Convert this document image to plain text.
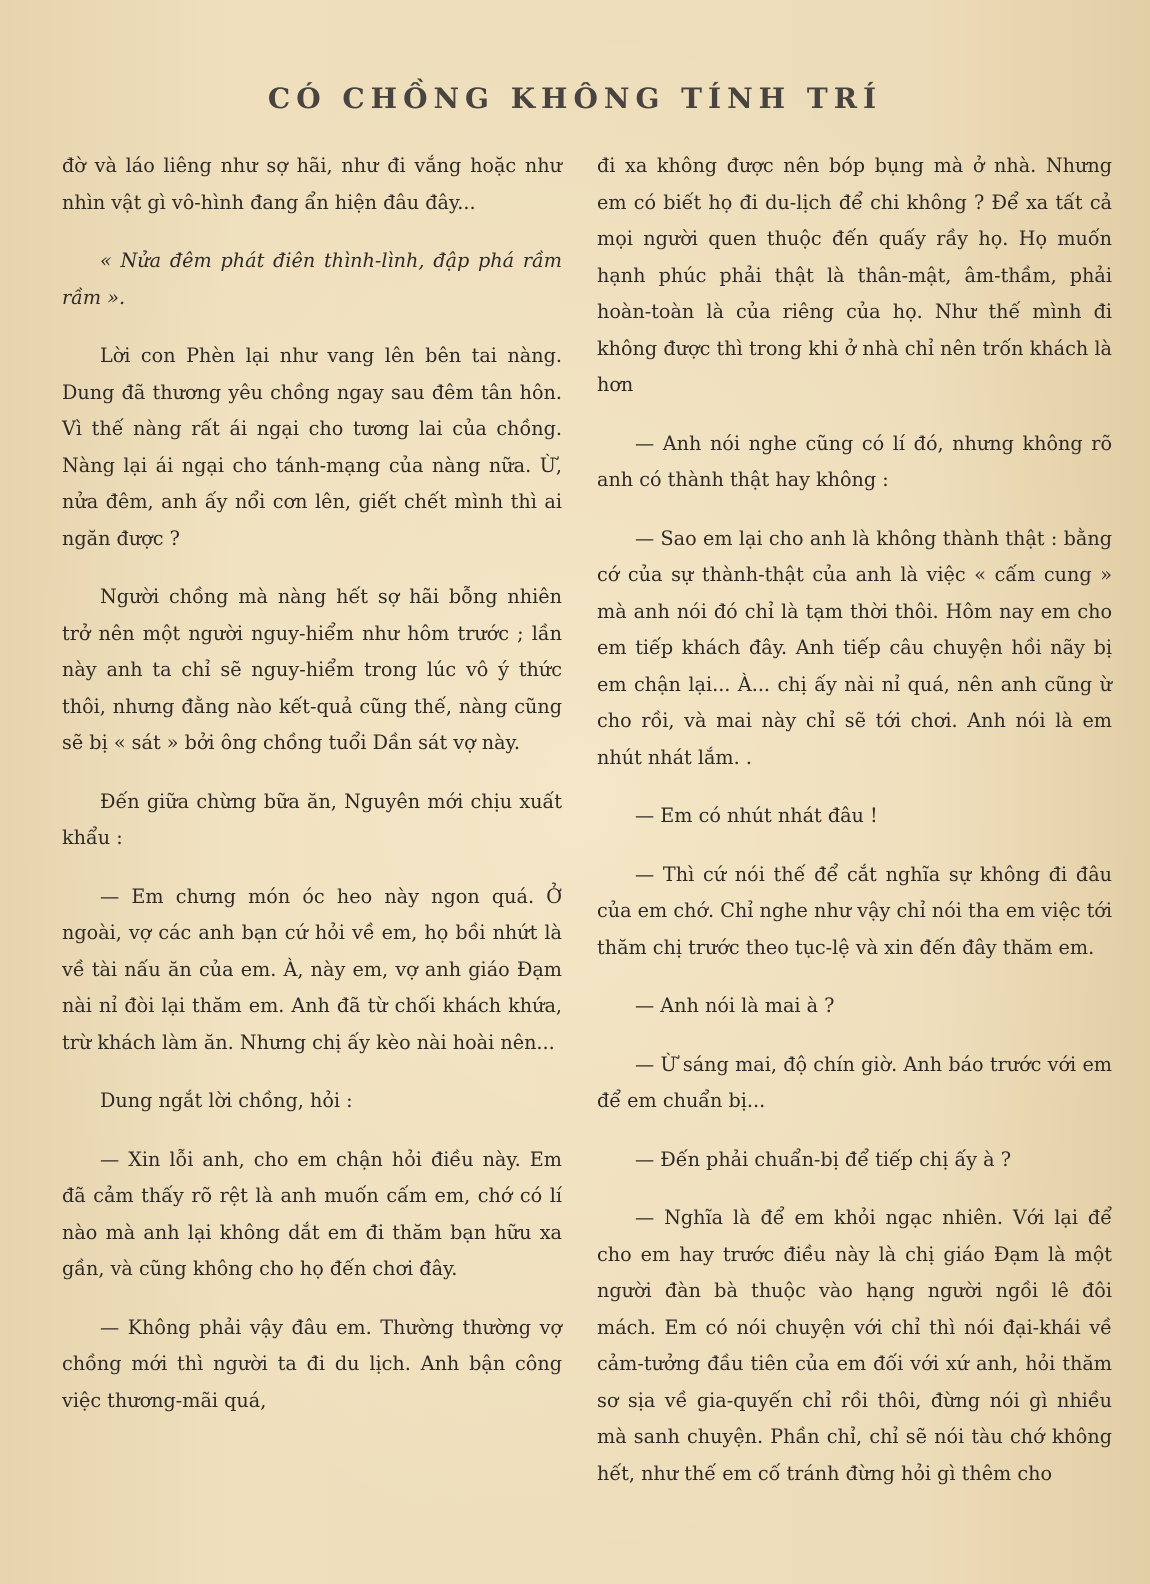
CÓ CHỒNG KHÔNG TÍNH TRÍ

đờ và láo liêng như sợ hãi, như đi vắng hoặc như nhìn vật gì vô-hình đang ẩn hiện đâu đây...

« Nửa đêm phát điên thình-lình, đập phá rầm rầm ».

Lời con Phèn lại như vang lên bên tai nàng. Dung đã thương yêu chồng ngay sau đêm tân hôn. Vì thế nàng rất ái ngại cho tương lai của chồng. Nàng lại ái ngại cho tánh-mạng của nàng nữa. Ừ, nửa đêm, anh ấy nổi cơn lên, giết chết mình thì ai ngăn được ?

Người chồng mà nàng hết sợ hãi bỗng nhiên trở nên một người nguy-hiểm như hôm trước ; lần này anh ta chỉ sẽ nguy-hiểm trong lúc vô ý thức thôi, nhưng đằng nào kết-quả cũng thế, nàng cũng sẽ bị « sát » bởi ông chồng tuổi Dần sát vợ này.

Đến giữa chừng bữa ăn, Nguyên mới chịu xuất khẩu :

— Em chưng món óc heo này ngon quá. Ở ngoài, vợ các anh bạn cứ hỏi về em, họ bồi nhứt là về tài nấu ăn của em. À, này em, vợ anh giáo Đạm nài nỉ đòi lại thăm em. Anh đã từ chối khách khứa, trừ khách làm ăn. Nhưng chị ấy kèo nài hoài nên...

Dung ngắt lời chồng, hỏi :

— Xin lỗi anh, cho em chận hỏi điều này. Em đã cảm thấy rõ rệt là anh muốn cấm em, chớ có lí nào mà anh lại không dắt em đi thăm bạn hữu xa gần, và cũng không cho họ đến chơi đây.

— Không phải vậy đâu em. Thường thường vợ chồng mới thì người ta đi du lịch. Anh bận công việc thương-mãi quá,

đi xa không được nên bóp bụng mà ở nhà. Nhưng em có biết họ đi du-lịch để chi không ? Để xa tất cả mọi người quen thuộc đến quấy rầy họ. Họ muốn hạnh phúc phải thật là thân-mật, âm-thầm, phải hoàn-toàn là của riêng của họ. Như thế mình đi không được thì trong khi ở nhà chỉ nên trốn khách là hơn

— Anh nói nghe cũng có lí đó, nhưng không rõ anh có thành thật hay không :

— Sao em lại cho anh là không thành thật : bằng cớ của sự thành-thật của anh là việc « cấm cung » mà anh nói đó chỉ là tạm thời thôi. Hôm nay em cho em tiếp khách đây. Anh tiếp câu chuyện hồi nãy bị em chận lại... À... chị ấy nài nỉ quá, nên anh cũng ừ cho rồi, và mai này chỉ sẽ tới chơi. Anh nói là em nhút nhát lắm. .

— Em có nhút nhát đâu !

— Thì cứ nói thế để cắt nghĩa sự không đi đâu của em chớ. Chỉ nghe như vậy chỉ nói tha em việc tới thăm chị trước theo tục-lệ và xin đến đây thăm em.

— Anh nói là mai à ?

— Ừ sáng mai, độ chín giờ. Anh báo trước với em để em chuẩn bị...

— Đến phải chuẩn-bị để tiếp chị ấy à ?

— Nghĩa là để em khỏi ngạc nhiên. Với lại để cho em hay trước điều này là chị giáo Đạm là một người đàn bà thuộc vào hạng người ngồi lê đôi mách. Em có nói chuyện với chỉ thì nói đại-khái về cảm-tưởng đầu tiên của em đối với xứ anh, hỏi thăm sơ sịa về gia-quyến chỉ rồi thôi, đừng nói gì nhiều mà sanh chuyện. Phần chỉ, chỉ sẽ nói tàu chớ không hết, như thế em cố tránh đừng hỏi gì thêm cho
